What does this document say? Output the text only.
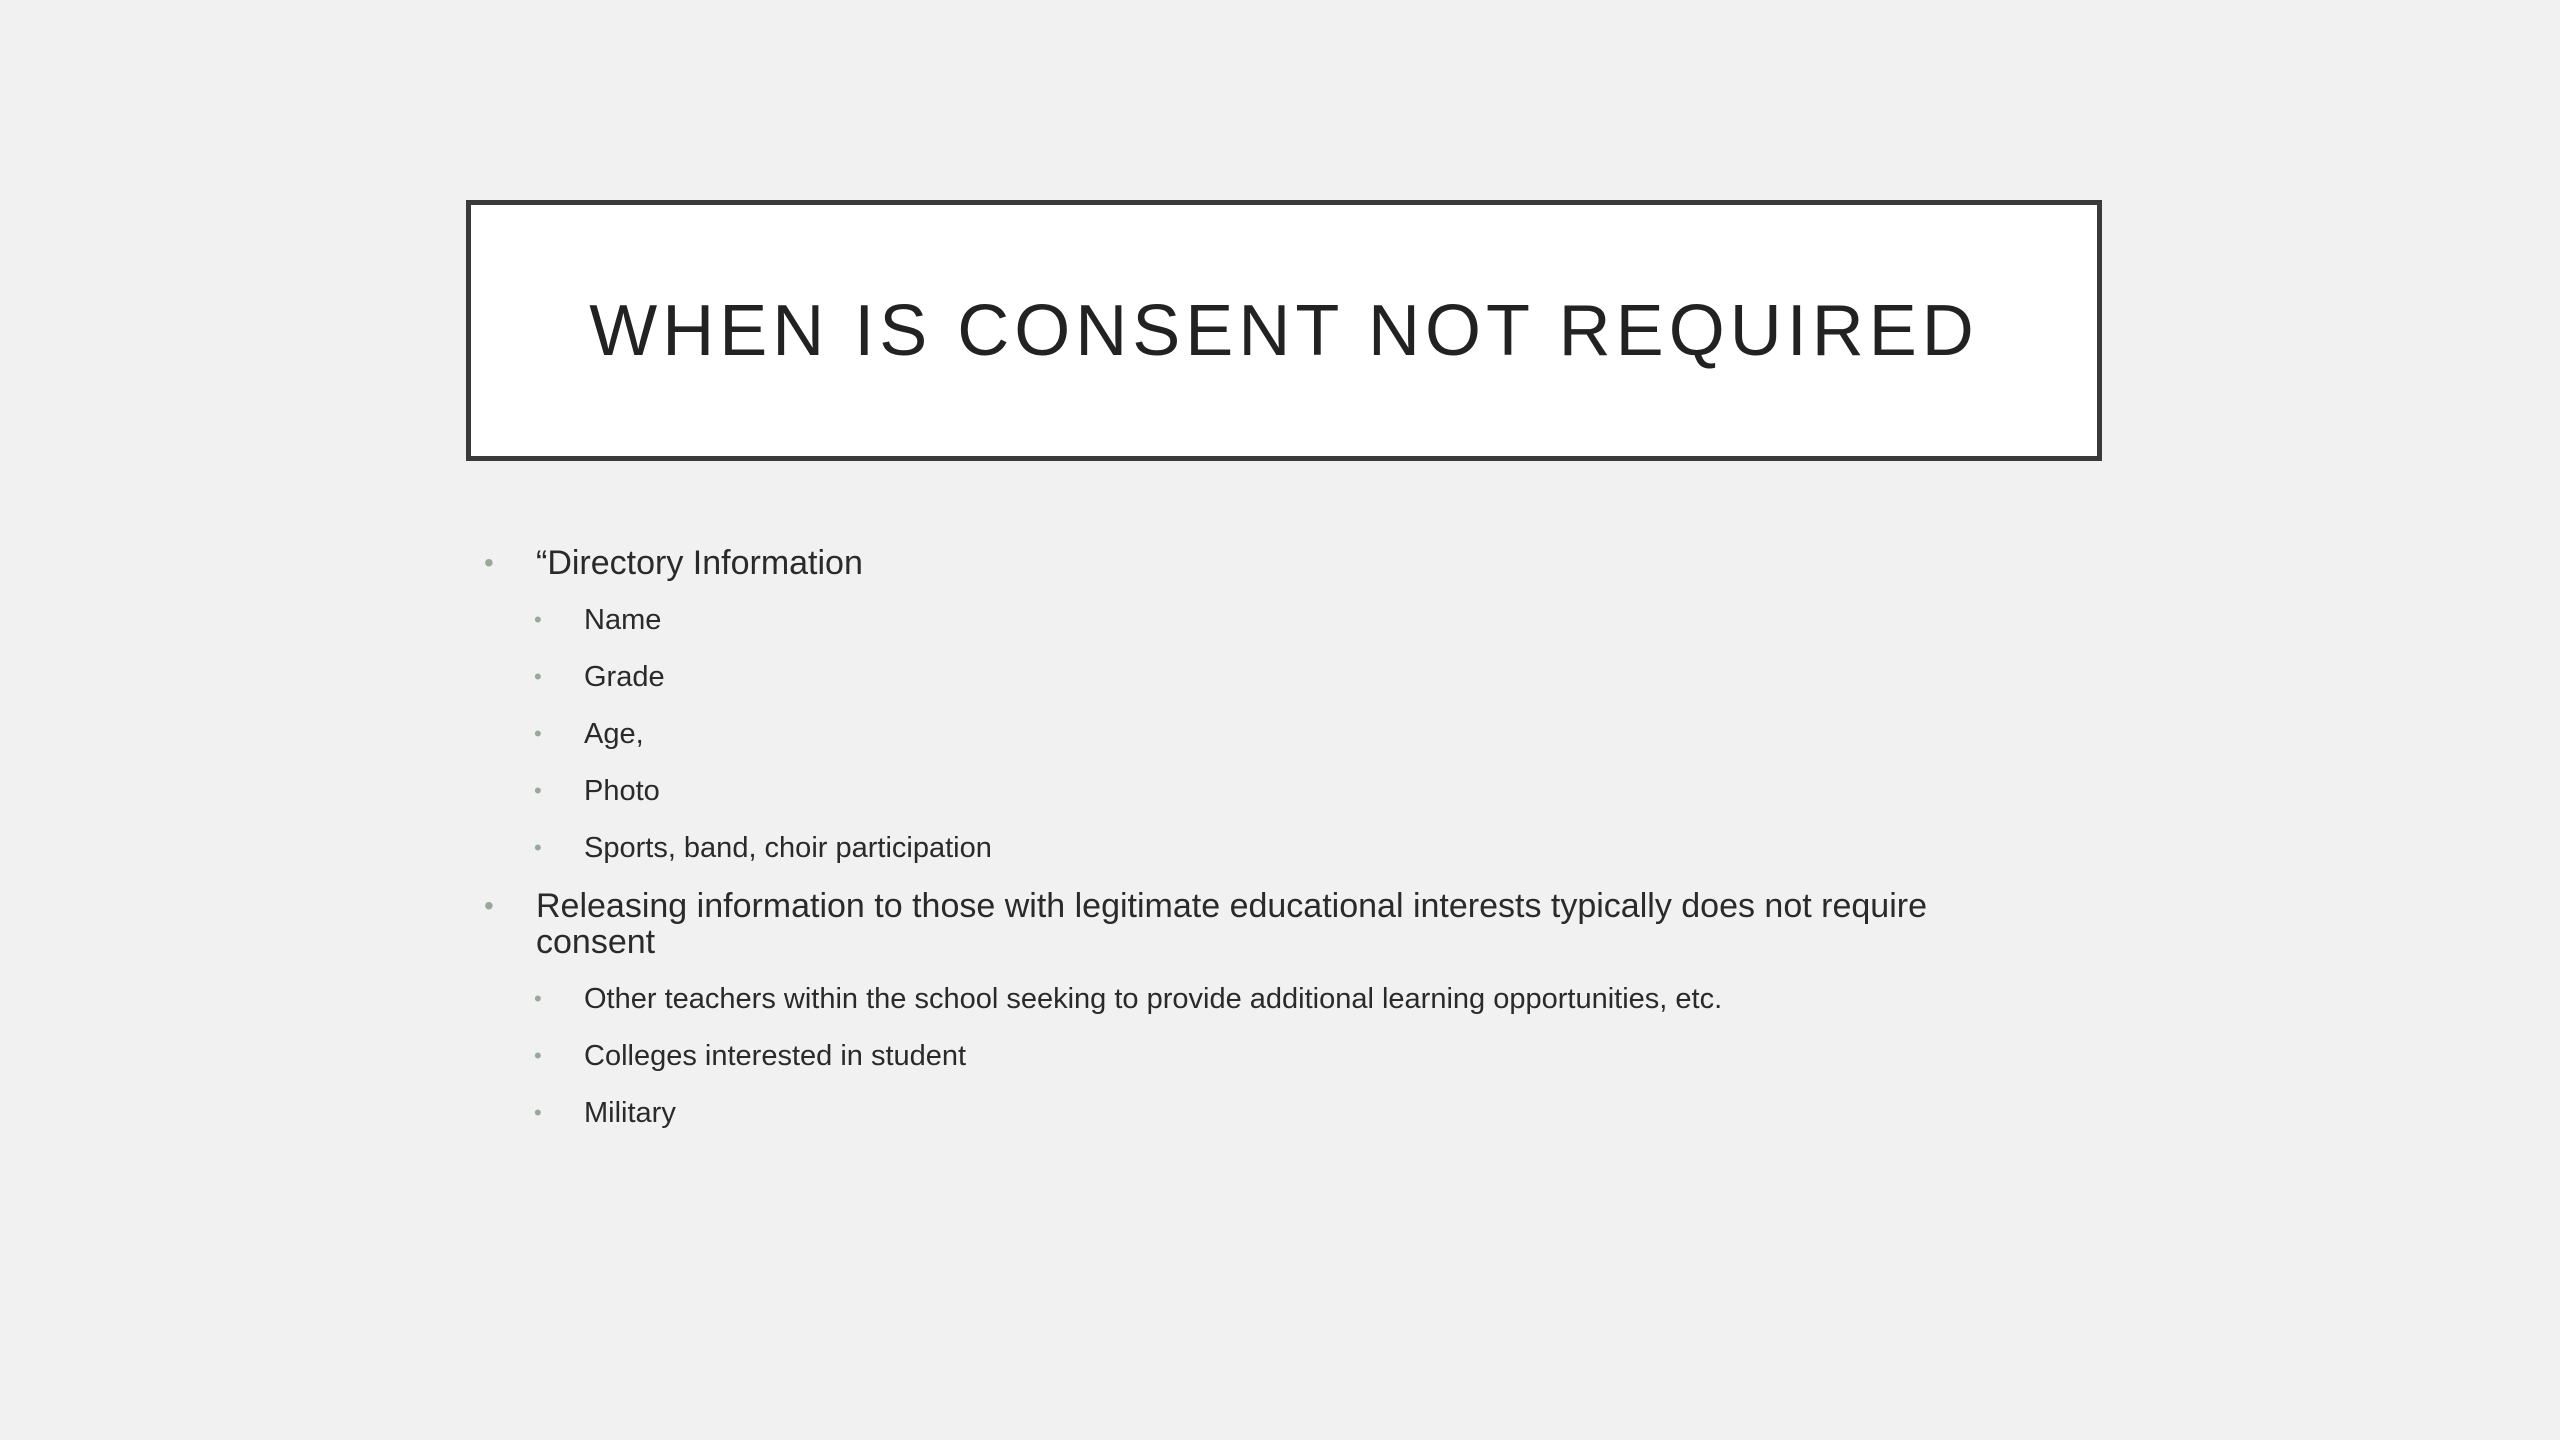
WHEN IS CONSENT NOT REQUIRED
• “Directory Information
• Name
• Grade
• Age,
• Photo
• Sports, band, choir participation
• Releasing information to those with legitimate educational interests typically does not require consent
• Other teachers within the school seeking to provide additional learning opportunities, etc.
• Colleges interested in student
• Military
